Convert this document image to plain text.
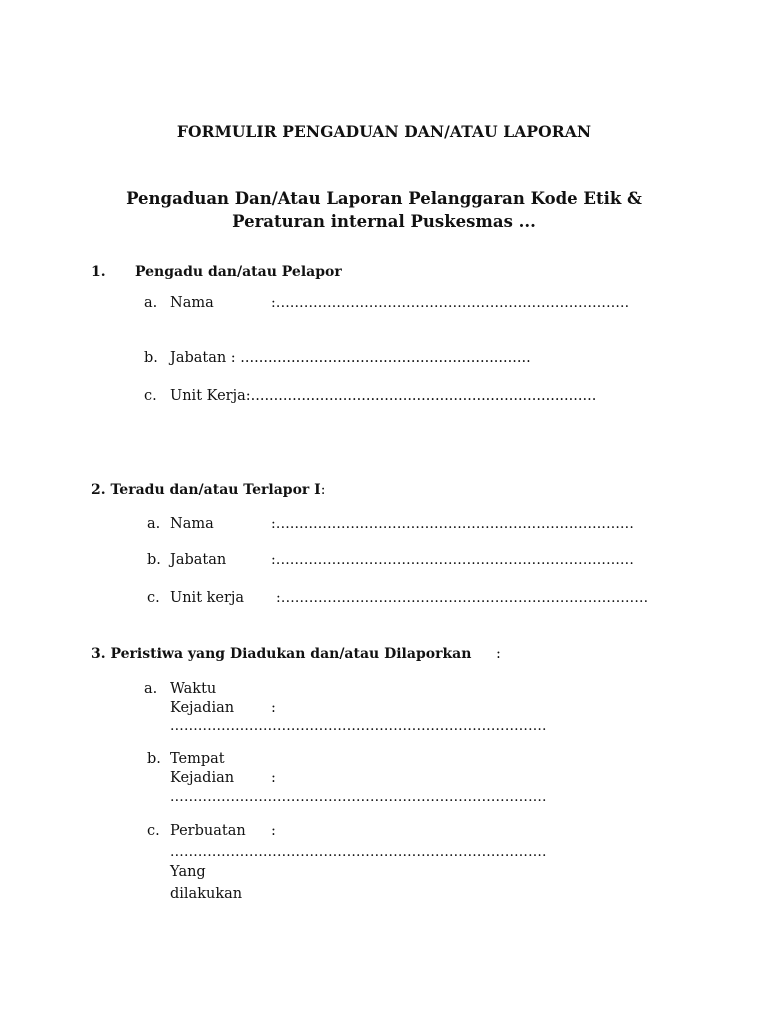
FORMULIR PENGADUAN DAN/ATAU LAPORAN
Pengaduan Dan/Atau Laporan Pelanggaran Kode Etik &
Peraturan internal Puskesmas ...
1. Pengadu dan/atau Pelapor
a. Nama	:............................................................................
b. Jabatan : ...............................................................
c. Unit Kerja:...........................................................................
2. Teradu dan/atau Terlapor I:
a. Nama	:.............................................................................
b. Jabatan	:.............................................................................
c. Unit kerja :...............................................................................
3. Peristiwa yang Diadukan dan/atau Dilaporkan :
a. Waktu
Kejadian	:
.................................................................................
b. Tempat
Kejadian	:
.................................................................................
c. Perbuatan :
.................................................................................
Yang
dilakukan
